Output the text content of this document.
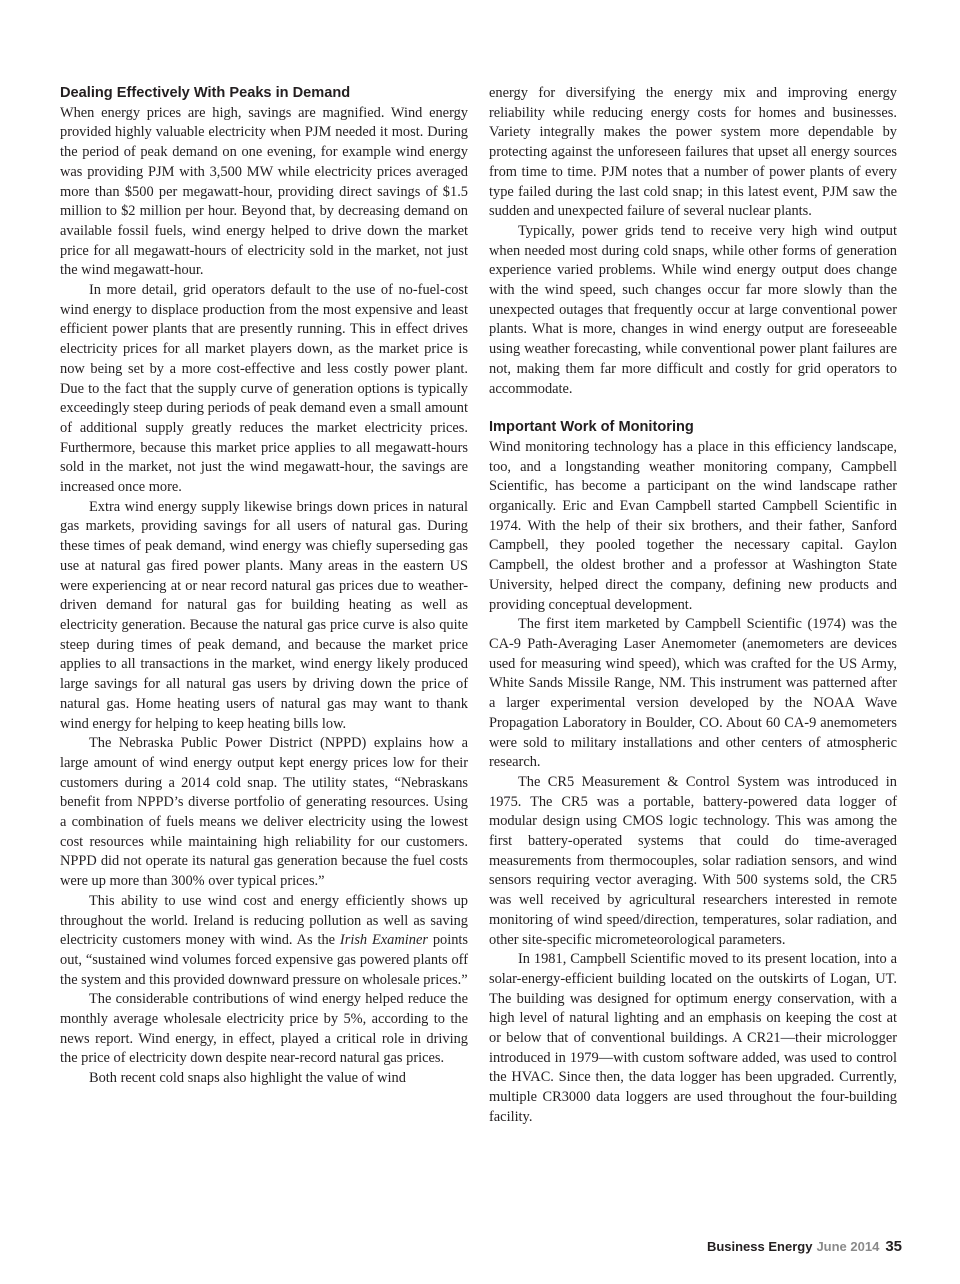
Dealing Effectively With Peaks in Demand

When energy prices are high, savings are magnified. Wind energy provided highly valuable electricity when PJM needed it most. During the period of peak demand on one evening, for example wind energy was providing PJM with 3,500 MW while electricity prices averaged more than $500 per megawatt-hour, providing direct savings of $1.5 million to $2 million per hour. Beyond that, by decreasing demand on available fossil fuels, wind energy helped to drive down the market price for all megawatt-hours of electricity sold in the market, not just the wind megawatt-hour.

In more detail, grid operators default to the use of no-fuel-cost wind energy to displace production from the most expensive and least efficient power plants that are presently running. This in effect drives electricity prices for all market players down, as the market price is now being set by a more cost-effective and less costly power plant. Due to the fact that the supply curve of generation options is typically exceedingly steep during periods of peak demand even a small amount of additional supply greatly reduces the market electricity prices. Furthermore, because this market price applies to all megawatt-hours sold in the market, not just the wind megawatt-hour, the savings are increased once more.

Extra wind energy supply likewise brings down prices in natural gas markets, providing savings for all users of natural gas. During these times of peak demand, wind energy was chiefly superseding gas use at natural gas fired power plants. Many areas in the eastern US were experiencing at or near record natural gas prices due to weather-driven demand for natural gas for building heating as well as electricity generation. Because the natural gas price curve is also quite steep during times of peak demand, and because the market price applies to all transactions in the market, wind energy likely produced large savings for all natural gas users by driving down the price of natural gas. Home heating users of natural gas may want to thank wind energy for helping to keep heating bills low.

The Nebraska Public Power District (NPPD) explains how a large amount of wind energy output kept energy prices low for their customers during a 2014 cold snap. The utility states, “Nebraskans benefit from NPPD’s diverse portfolio of generating resources. Using a combination of fuels means we deliver electricity using the lowest cost resources while maintaining high reliability for our customers. NPPD did not operate its natural gas generation because the fuel costs were up more than 300% over typical prices.”

This ability to use wind cost and energy efficiently shows up throughout the world. Ireland is reducing pollution as well as saving electricity customers money with wind. As the Irish Examiner points out, “sustained wind volumes forced expensive gas powered plants off the system and this provided downward pressure on wholesale prices.”

The considerable contributions of wind energy helped reduce the monthly average wholesale electricity price by 5%, according to the news report. Wind energy, in effect, played a critical role in driving the price of electricity down despite near-record natural gas prices.

Both recent cold snaps also highlight the value of wind

energy for diversifying the energy mix and improving energy reliability while reducing energy costs for homes and businesses. Variety integrally makes the power system more dependable by protecting against the unforeseen failures that upset all energy sources from time to time. PJM notes that a number of power plants of every type failed during the last cold snap; in this latest event, PJM saw the sudden and unexpected failure of several nuclear plants.

Typically, power grids tend to receive very high wind output when needed most during cold snaps, while other forms of generation experience varied problems. While wind energy output does change with the wind speed, such changes occur far more slowly than the unexpected outages that frequently occur at large conventional power plants. What is more, changes in wind energy output are foreseeable using weather forecasting, while conventional power plant failures are not, making them far more difficult and costly for grid operators to accommodate.

Important Work of Monitoring

Wind monitoring technology has a place in this efficiency landscape, too, and a longstanding weather monitoring company, Campbell Scientific, has become a participant on the wind landscape rather organically. Eric and Evan Campbell started Campbell Scientific in 1974. With the help of their six brothers, and their father, Sanford Campbell, they pooled together the necessary capital. Gaylon Campbell, the oldest brother and a professor at Washington State University, helped direct the company, defining new products and providing conceptual development.

The first item marketed by Campbell Scientific (1974) was the CA-9 Path-Averaging Laser Anemometer (anemometers are devices used for measuring wind speed), which was crafted for the US Army, White Sands Missile Range, NM. This instrument was patterned after a larger experimental version developed by the NOAA Wave Propagation Laboratory in Boulder, CO. About 60 CA-9 anemometers were sold to military installations and other centers of atmospheric research.

The CR5 Measurement & Control System was introduced in 1975. The CR5 was a portable, battery-powered data logger of modular design using CMOS logic technology. This was among the first battery-operated systems that could do time-averaged measurements from thermocouples, solar radiation sensors, and wind sensors requiring vector averaging. With 500 systems sold, the CR5 was well received by agricultural researchers interested in remote monitoring of wind speed/direction, temperatures, solar radiation, and other site-specific micrometeorological parameters.

In 1981, Campbell Scientific moved to its present location, into a solar-energy-efficient building located on the outskirts of Logan, UT. The building was designed for optimum energy conservation, with a high level of natural lighting and an emphasis on keeping the cost at or below that of conventional buildings. A CR21—their micrologger introduced in 1979—with custom software added, was used to control the HVAC. Since then, the data logger has been upgraded. Currently, multiple CR3000 data loggers are used throughout the four-building facility.

Business Energy June 2014 35
